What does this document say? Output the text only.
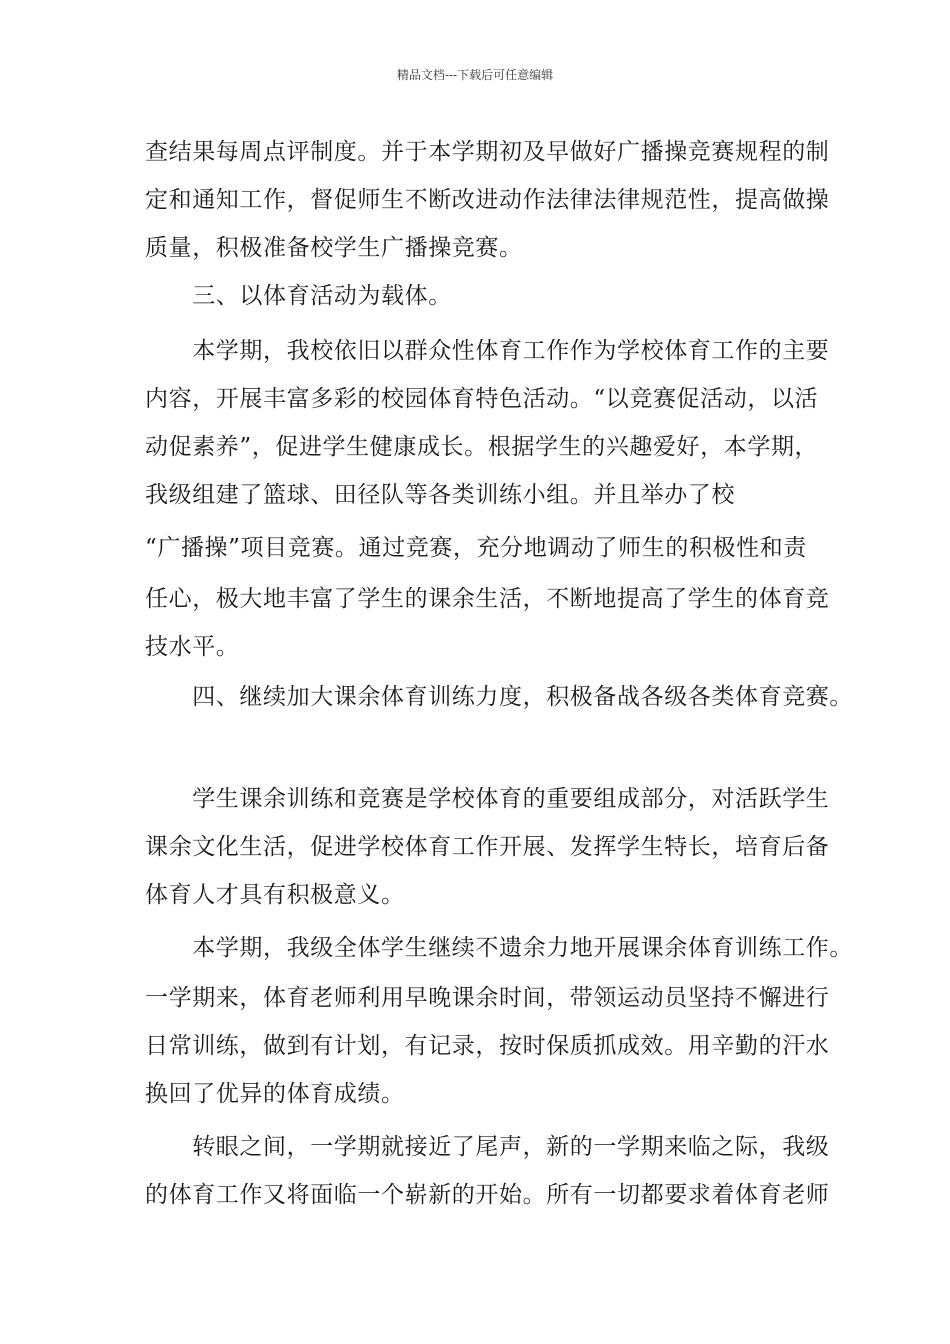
精品文档---下载后可任意编辑
查结果每周点评制度。并于本学期初及早做好广播操竞赛规程的制
定和通知工作，督促师生不断改进动作法律法律规范性，提高做操
质量，积极准备校学生广播操竞赛。
　　三、以体育活动为载体。
　　本学期，我校依旧以群众性体育工作作为学校体育工作的主要
内容，开展丰富多彩的校园体育特色活动。“以竞赛促活动，以活
动促素养”，促进学生健康成长。根据学生的兴趣爱好，本学期，
我级组建了篮球、田径队等各类训练小组。并且举办了校
“广播操”项目竞赛。通过竞赛，充分地调动了师生的积极性和责
任心，极大地丰富了学生的课余生活，不断地提高了学生的体育竞
技水平。
　　四、继续加大课余体育训练力度，积极备战各级各类体育竞赛。
　　学生课余训练和竞赛是学校体育的重要组成部分，对活跃学生
课余文化生活，促进学校体育工作开展、发挥学生特长，培育后备
体育人才具有积极意义。
　　本学期，我级全体学生继续不遗余力地开展课余体育训练工作。
一学期来，体育老师利用早晚课余时间，带领运动员坚持不懈进行
日常训练，做到有计划，有记录，按时保质抓成效。用辛勤的汗水
换回了优异的体育成绩。
　　转眼之间，一学期就接近了尾声，新的一学期来临之际，我级
的体育工作又将面临一个崭新的开始。所有一切都要求着体育老师
